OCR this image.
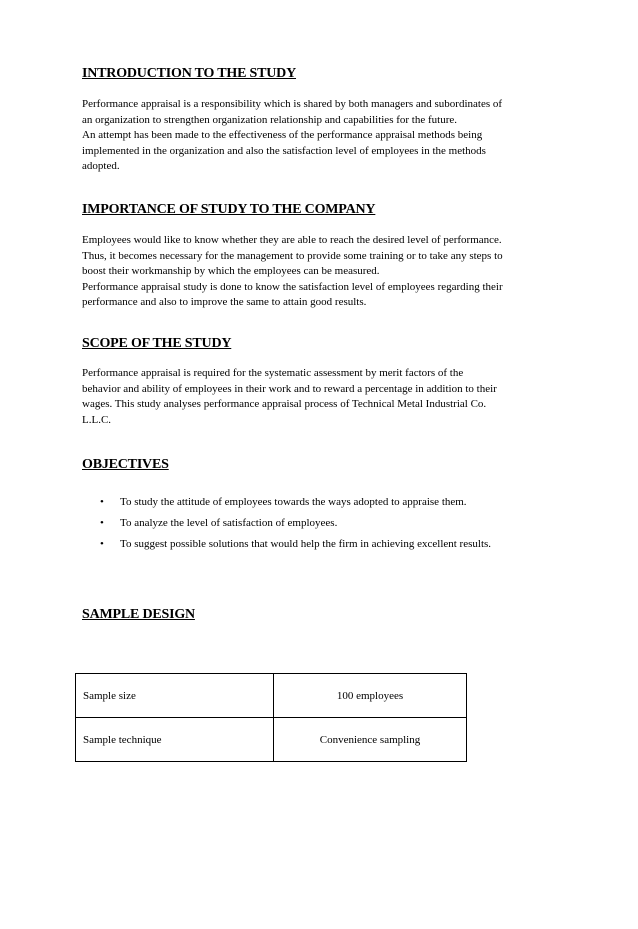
INTRODUCTION TO THE STUDY
Performance appraisal is a responsibility which is shared by both managers and subordinates of
an organization to strengthen organization relationship and capabilities for the future.
An attempt has been made to the effectiveness of the performance appraisal methods being
implemented in the organization and also the satisfaction level of employees in the methods
adopted.
IMPORTANCE OF STUDY TO THE COMPANY
Employees would like to know whether they are able to reach the desired level of performance.
Thus, it becomes necessary for the management to provide some training or to take any steps to
boost their workmanship by which the employees can be measured.
Performance appraisal study is done to know the satisfaction level of employees regarding their
performance and also to improve the same to attain good results.
SCOPE OF THE STUDY
Performance appraisal is required for the systematic assessment by merit factors of the
behavior and ability of employees in their work and to reward a percentage in addition to their
wages. This study analyses performance appraisal process of Technical Metal Industrial Co.
L.L.C.
OBJECTIVES
• To study the attitude of employees towards the ways adopted to appraise them.
• To analyze the level of satisfaction of employees.
• To suggest possible solutions that would help the firm in achieving excellent results.
SAMPLE DESIGN
Sample size	100 employees
Sample technique	Convenience sampling
